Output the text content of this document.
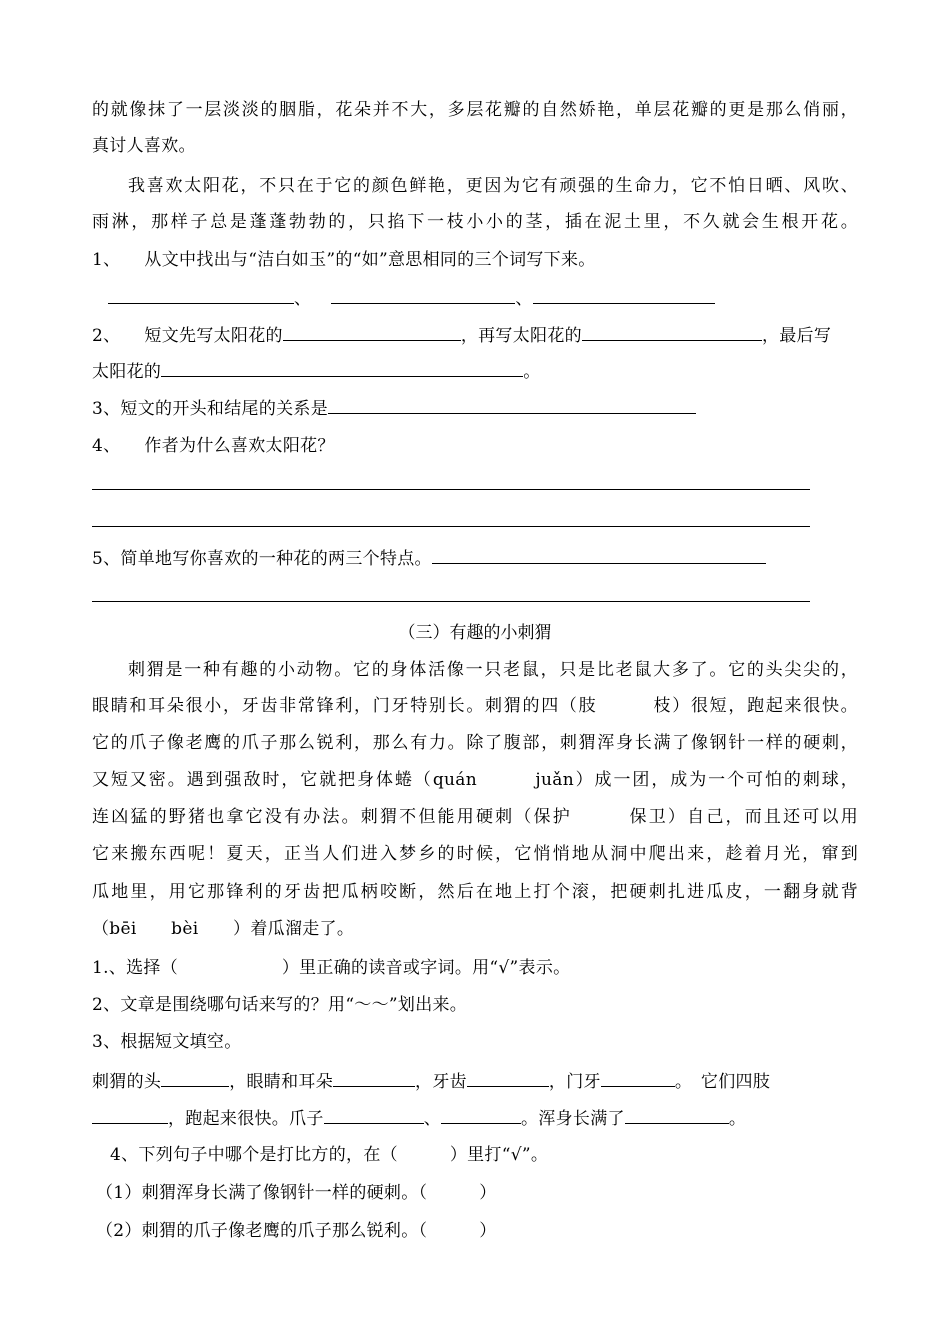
的就像抹了一层淡淡的胭脂，花朵并不大，多层花瓣的自然娇艳，单层花瓣的更是那么俏丽，
真讨人喜欢。
我喜欢太阳花，不只在于它的颜色鲜艳，更因为它有顽强的生命力，它不怕日晒、风吹、
雨淋，那样子总是蓬蓬勃勃的，只掐下一枝小小的茎，插在泥土里，不久就会生根开花。
1、 从文中找出与“洁白如玉”的“如”意思相同的三个词写下来。
、	、
2、 短文先写太阳花的	，再写太阳花的	，最后写
太阳花的	。
3、短文的开头和结尾的关系是
4、 作者为什么喜欢太阳花？
5、简单地写你喜欢的一种花的两三个特点。
（三）有趣的小刺猬
刺猬是一种有趣的小动物。它的身体活像一只老鼠，只是比老鼠大多了。它的头尖尖的，
眼睛和耳朵很小，牙齿非常锋利，门牙特别长。刺猬的四（肢　　　枝）很短，跑起来很快。
它的爪子像老鹰的爪子那么锐利，那么有力。除了腹部，刺猬浑身长满了像钢针一样的硬刺，
又短又密。遇到强敌时，它就把身体蜷（quán　　　juǎn）成一团，成为一个可怕的刺球，
连凶猛的野猪也拿它没有办法。刺猬不但能用硬刺（保护　　　保卫）自己，而且还可以用
它来搬东西呢！夏天，正当人们进入梦乡的时候，它悄悄地从洞中爬出来，趁着月光，窜到
瓜地里，用它那锋利的牙齿把瓜柄咬断，然后在地上打个滚，把硬刺扎进瓜皮，一翻身就背
（bēi　　bèi　　）着瓜溜走了。
1.、选择（　　　　　　）里正确的读音或字词。用“√”表示。
2、文章是围绕哪句话来写的？用“～～”划出来。
3、根据短文填空。
刺猬的头	，眼睛和耳朵	，牙齿	，门牙	。　它们四肢
，跑起来很快。爪子	、	。浑身长满了	。
4、下列句子中哪个是打比方的，在（　　　）里打“√”。
（1）刺猬浑身长满了像钢针一样的硬刺。（　　　）
（2）刺猬的爪子像老鹰的爪子那么锐利。（　　　）
